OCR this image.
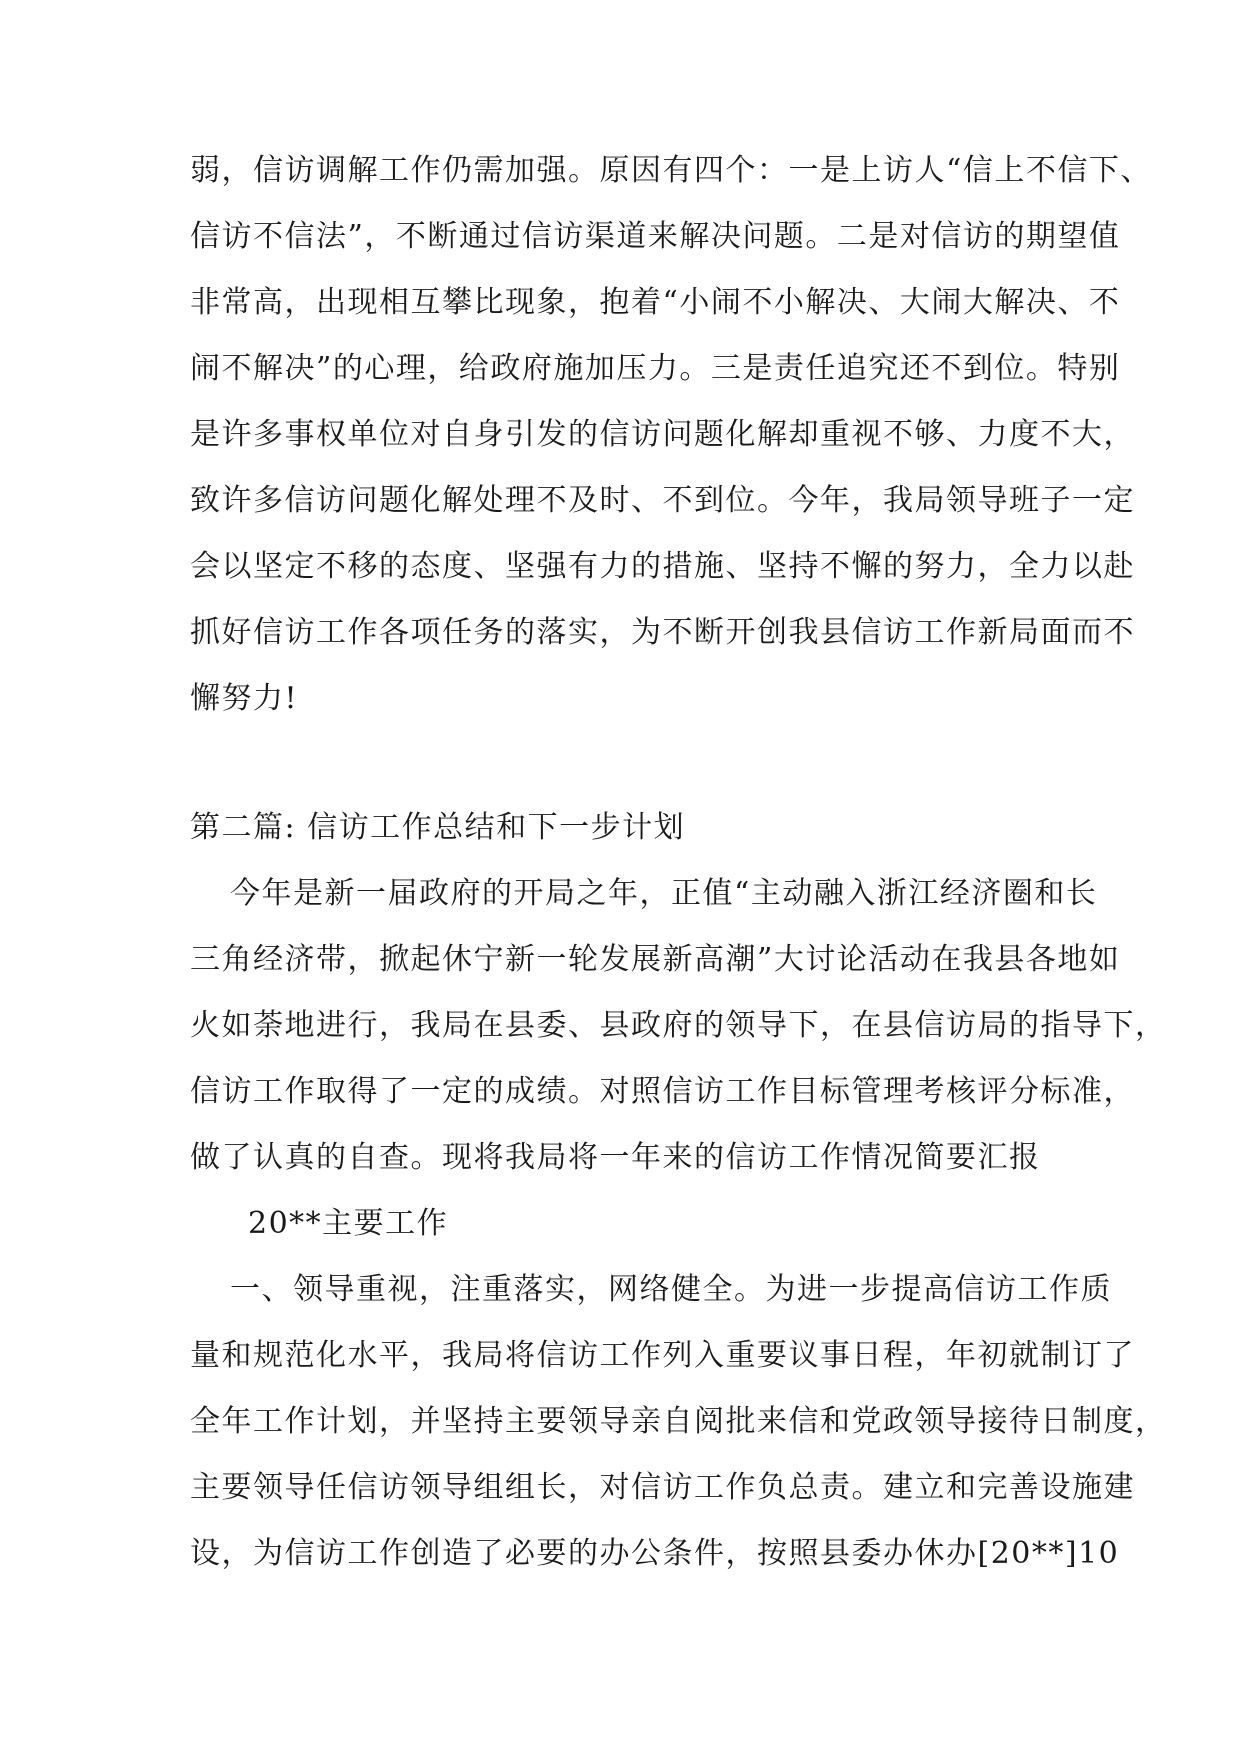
弱，信访调解工作仍需加强。原因有四个：一是上访人“信上不信下、
信访不信法”，不断通过信访渠道来解决问题。二是对信访的期望值
非常高，出现相互攀比现象，抱着“小闹不小解决、大闹大解决、不
闹不解决”的心理，给政府施加压力。三是责任追究还不到位。特别
是许多事权单位对自身引发的信访问题化解却重视不够、力度不大，
致许多信访问题化解处理不及时、不到位。今年，我局领导班子一定
会以坚定不移的态度、坚强有力的措施、坚持不懈的努力，全力以赴
抓好信访工作各项任务的落实，为不断开创我县信访工作新局面而不
懈努力!
第二篇: 信访工作总结和下一步计划
今年是新一届政府的开局之年，正值“主动融入浙江经济圈和长
三角经济带，掀起休宁新一轮发展新高潮”大讨论活动在我县各地如
火如荼地进行，我局在县委、县政府的领导下，在县信访局的指导下，
信访工作取得了一定的成绩。对照信访工作目标管理考核评分标准，
做了认真的自查。现将我局将一年来的信访工作情况简要汇报
20**主要工作
一、领导重视，注重落实，网络健全。为进一步提高信访工作质
量和规范化水平，我局将信访工作列入重要议事日程，年初就制订了
全年工作计划，并坚持主要领导亲自阅批来信和党政领导接待日制度，
主要领导任信访领导组组长，对信访工作负总责。建立和完善设施建
设，为信访工作创造了必要的办公条件，按照县委办休办[20**]10
